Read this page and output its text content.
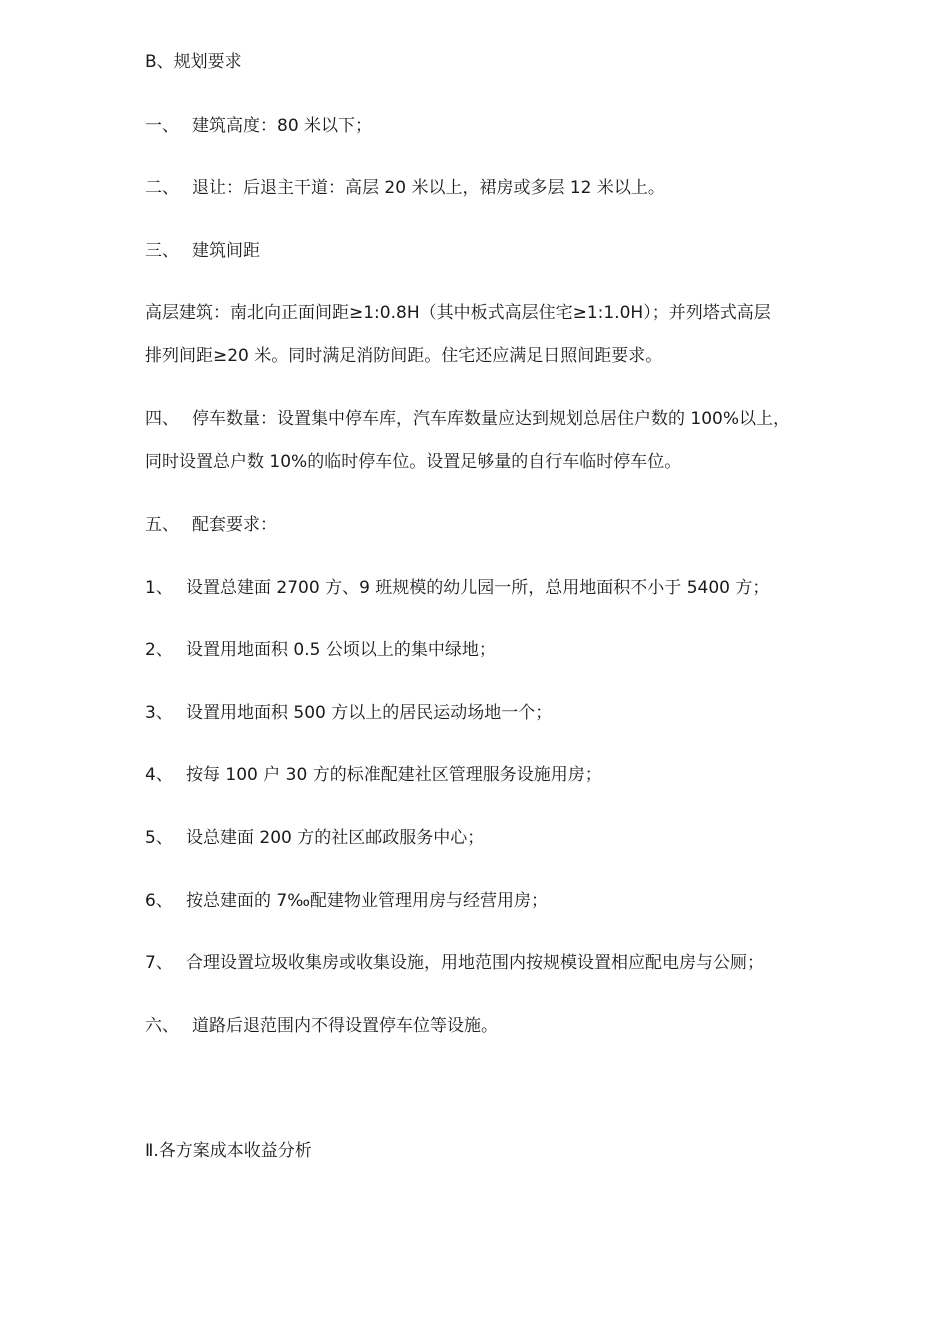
B、规划要求
一、 建筑高度：80 米以下；
二、 退让：后退主干道：高层 20 米以上，裙房或多层 12 米以上。
三、 建筑间距
高层建筑：南北向正面间距≥1:0.8H（其中板式高层住宅≥1:1.0H）；并列塔式高层
排列间距≥20 米。同时满足消防间距。住宅还应满足日照间距要求。
四、 停车数量：设置集中停车库，汽车库数量应达到规划总居住户数的 100%以上，
同时设置总户数 10%的临时停车位。设置足够量的自行车临时停车位。
五、 配套要求：
1、 设置总建面 2700 方、9 班规模的幼儿园一所，总用地面积不小于 5400 方；
2、 设置用地面积 0.5 公顷以上的集中绿地；
3、 设置用地面积 500 方以上的居民运动场地一个；
4、 按每 100 户 30 方的标准配建社区管理服务设施用房；
5、 设总建面 200 方的社区邮政服务中心；
6、 按总建面的 7‰配建物业管理用房与经营用房；
7、 合理设置垃圾收集房或收集设施，用地范围内按规模设置相应配电房与公厕；
六、 道路后退范围内不得设置停车位等设施。
Ⅱ.各方案成本收益分析
